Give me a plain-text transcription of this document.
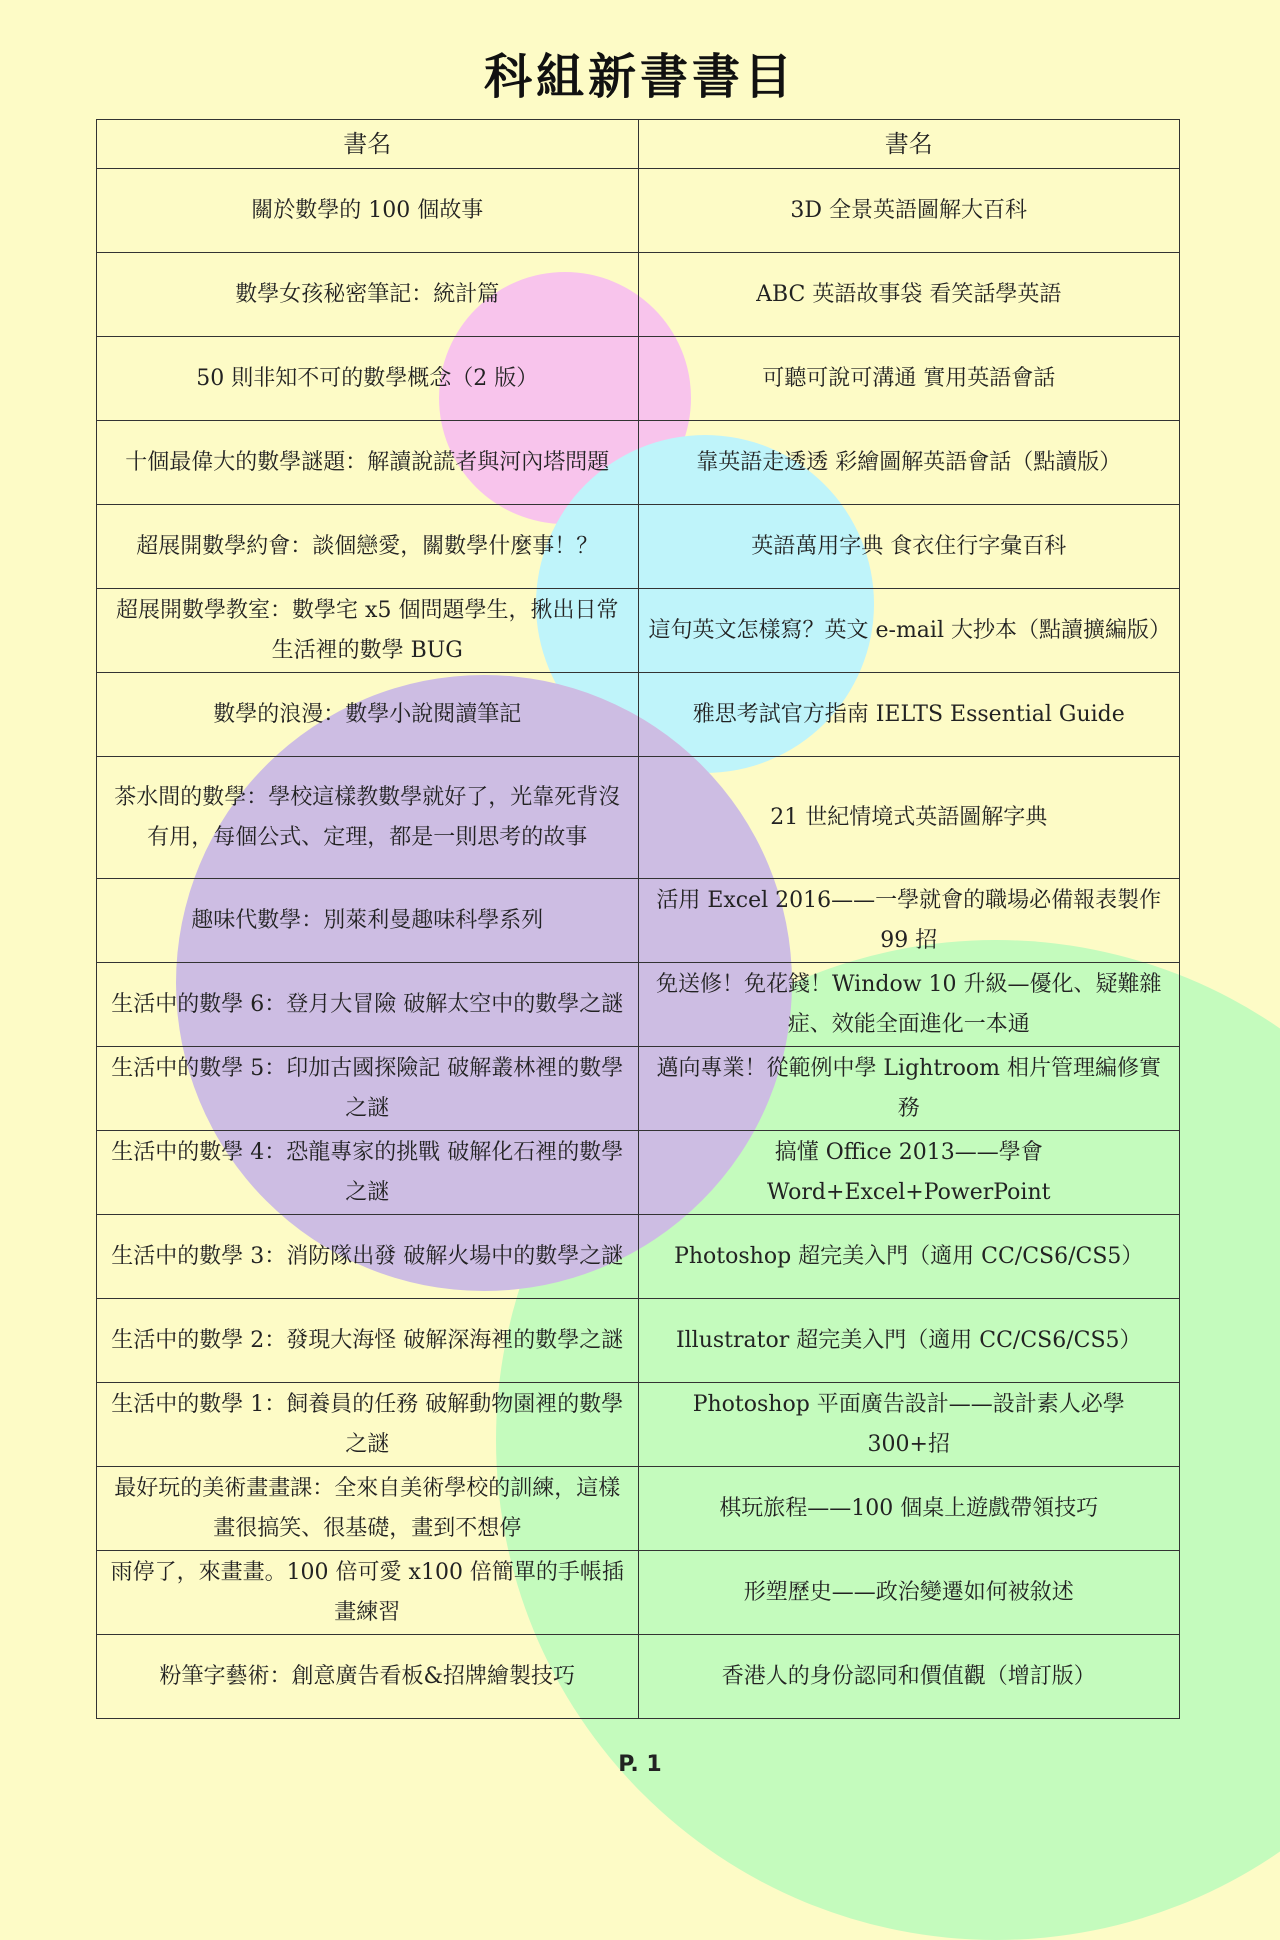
科組新書書目
書名	書名
關於數學的 100 個故事	3D 全景英語圖解大百科
數學女孩秘密筆記：統計篇	ABC 英語故事袋 看笑話學英語
50 則非知不可的數學概念（2 版）	可聽可說可溝通 實用英語會話
十個最偉大的數學謎題：解讀說謊者與河內塔問題	靠英語走透透 彩繪圖解英語會話（點讀版）
超展開數學約會：談個戀愛，關數學什麼事！？	英語萬用字典 食衣住行字彙百科
超展開數學教室：數學宅 x5 個問題學生，揪出日常生活裡的數學 BUG	這句英文怎樣寫？英文 e-mail 大抄本（點讀擴編版）
數學的浪漫：數學小說閱讀筆記	雅思考試官方指南 IELTS Essential Guide
茶水間的數學：學校這樣教數學就好了，光靠死背沒有用，每個公式、定理，都是一則思考的故事	21 世紀情境式英語圖解字典
趣味代數學：別萊利曼趣味科學系列	活用 Excel 2016——一學就會的職場必備報表製作 99 招
生活中的數學 6：登月大冒險 破解太空中的數學之謎	免送修！免花錢！Window 10 升級—優化、疑難雜症、效能全面進化一本通
生活中的數學 5：印加古國探險記 破解叢林裡的數學之謎	邁向專業！從範例中學 Lightroom 相片管理編修實務
生活中的數學 4：恐龍專家的挑戰 破解化石裡的數學之謎	搞懂 Office 2013——學會 Word+Excel+PowerPoint
生活中的數學 3：消防隊出發 破解火場中的數學之謎	Photoshop 超完美入門（適用 CC/CS6/CS5）
生活中的數學 2：發現大海怪 破解深海裡的數學之謎	Illustrator 超完美入門（適用 CC/CS6/CS5）
生活中的數學 1：飼養員的任務 破解動物園裡的數學之謎	Photoshop 平面廣告設計——設計素人必學 300+招
最好玩的美術畫畫課：全來自美術學校的訓練，這樣畫很搞笑、很基礎，畫到不想停	棋玩旅程——100 個桌上遊戲帶領技巧
雨停了，來畫畫。100 倍可愛 x100 倍簡單的手帳插畫練習	形塑歷史——政治變遷如何被敘述
粉筆字藝術：創意廣告看板&招牌繪製技巧	香港人的身份認同和價值觀（增訂版）
P. 1
